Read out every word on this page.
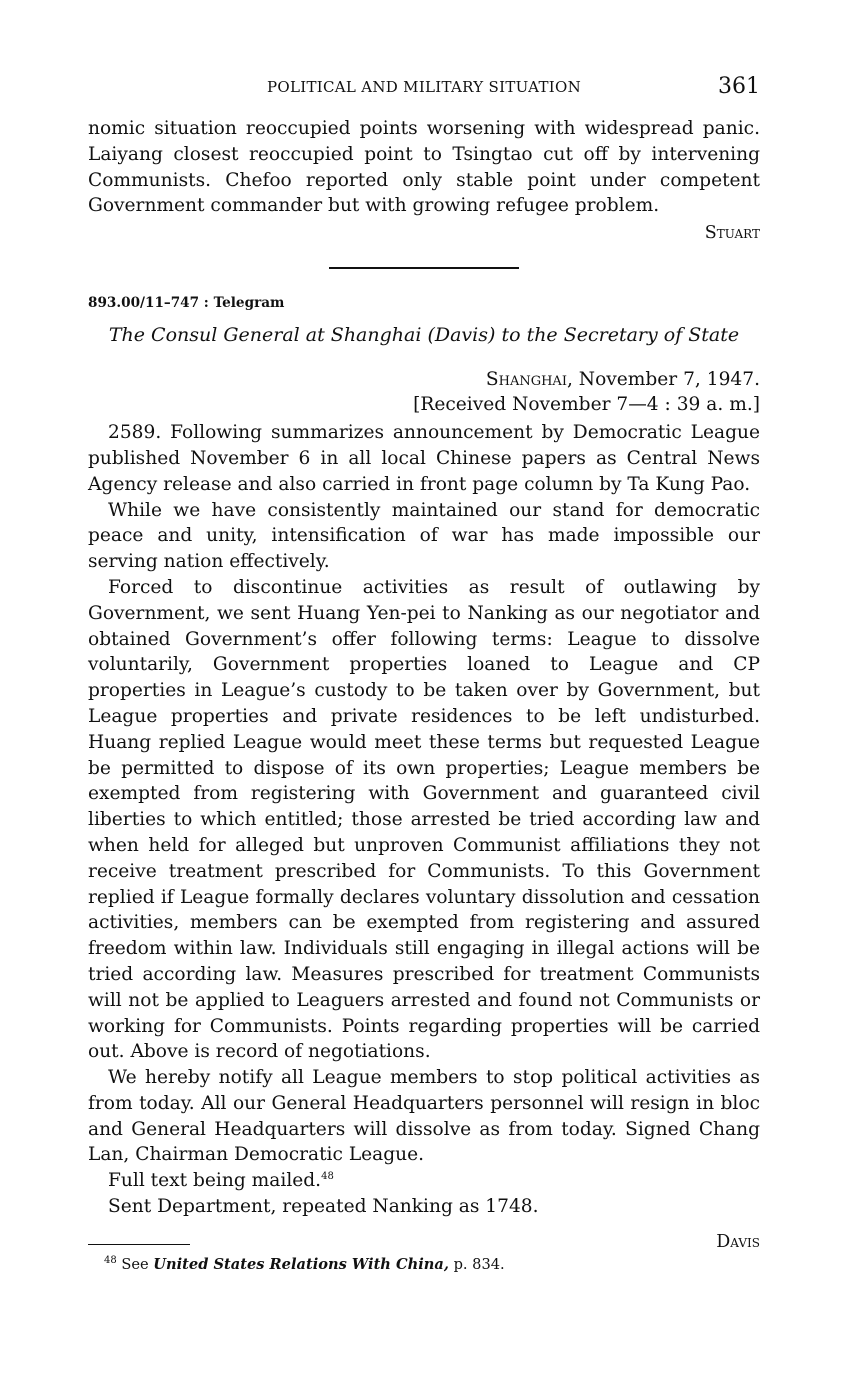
POLITICAL AND MILITARY SITUATION	361

nomic situation reoccupied points worsening with widespread panic. Laiyang closest reoccupied point to Tsingtao cut off by intervening Communists. Chefoo reported only stable point under competent Government commander but with growing refugee problem.

Stuart
893.00/11–747 : Telegram
The Consul General at Shanghai (Davis) to the Secretary of State
Shanghai, November 7, 1947.
[Received November 7—4 : 39 a. m.]

2589. Following summarizes announcement by Democratic League published November 6 in all local Chinese papers as Central News Agency release and also carried in front page column by Ta Kung Pao.

While we have consistently maintained our stand for democratic peace and unity, intensification of war has made impossible our serving nation effectively.

Forced to discontinue activities as result of outlawing by Government, we sent Huang Yen-pei to Nanking as our negotiator and obtained Government’s offer following terms: League to dissolve voluntarily, Government properties loaned to League and CP properties in League’s custody to be taken over by Government, but League properties and private residences to be left undisturbed. Huang replied League would meet these terms but requested League be permitted to dispose of its own properties; League members be exempted from registering with Government and guaranteed civil liberties to which entitled; those arrested be tried according law and when held for alleged but unproven Communist affiliations they not receive treatment prescribed for Communists. To this Government replied if League formally declares voluntary dissolution and cessation activities, members can be exempted from registering and assured freedom within law. Individuals still engaging in illegal actions will be tried according law. Measures prescribed for treatment Communists will not be applied to Leaguers arrested and found not Communists or working for Communists. Points regarding properties will be carried out. Above is record of negotiations.

We hereby notify all League members to stop political activities as from today. All our General Headquarters personnel will resign in bloc and General Headquarters will dissolve as from today. Signed Chang Lan, Chairman Democratic League.

Full text being mailed.$^{48}$

Sent Department, repeated Nanking as 1748.

Davis
$^{48}$ See United States Relations With China, p. 834.
